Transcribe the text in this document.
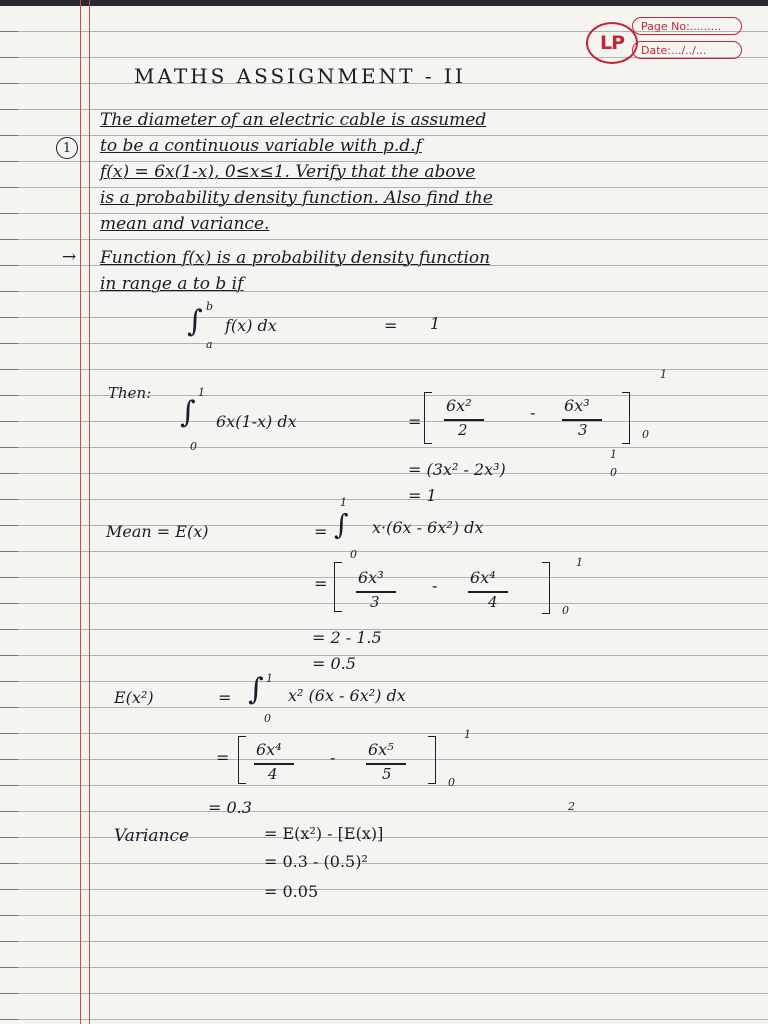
LP
Page No:.........
Date:.../../...
MATHS ASSIGNMENT - II
1
The diameter of an electric cable is assumed
to be a continuous variable with p.d.f
f(x) = 6x(1-x), 0≤x≤1. Verify that the above
is a probability density function. Also find the
mean and variance.
→ Function f(x) is a probability density function
in range a to b if
∫ b
a
f(x) dx	= 1
Then:
∫
1
0
6x(1-x) dx	=
6x²
2
- 6x³
3
1
0
= (3x² - 2x³)
1
0
= 1
1
Mean = E(x)	= ∫
0
x·(6x - 6x²) dx
= 6x³
3
- 6x⁴
4
1
0
= 2 - 1.5
= 0.5
E(x²)	= ∫ 1
0
x² (6x - 6x²) dx
= 6x⁴
4
- 6x⁵
5
1
0
= 0.3
Variance	= E(x²) - [E(x)]
2
= 0.3 - (0.5)²
= 0.05
